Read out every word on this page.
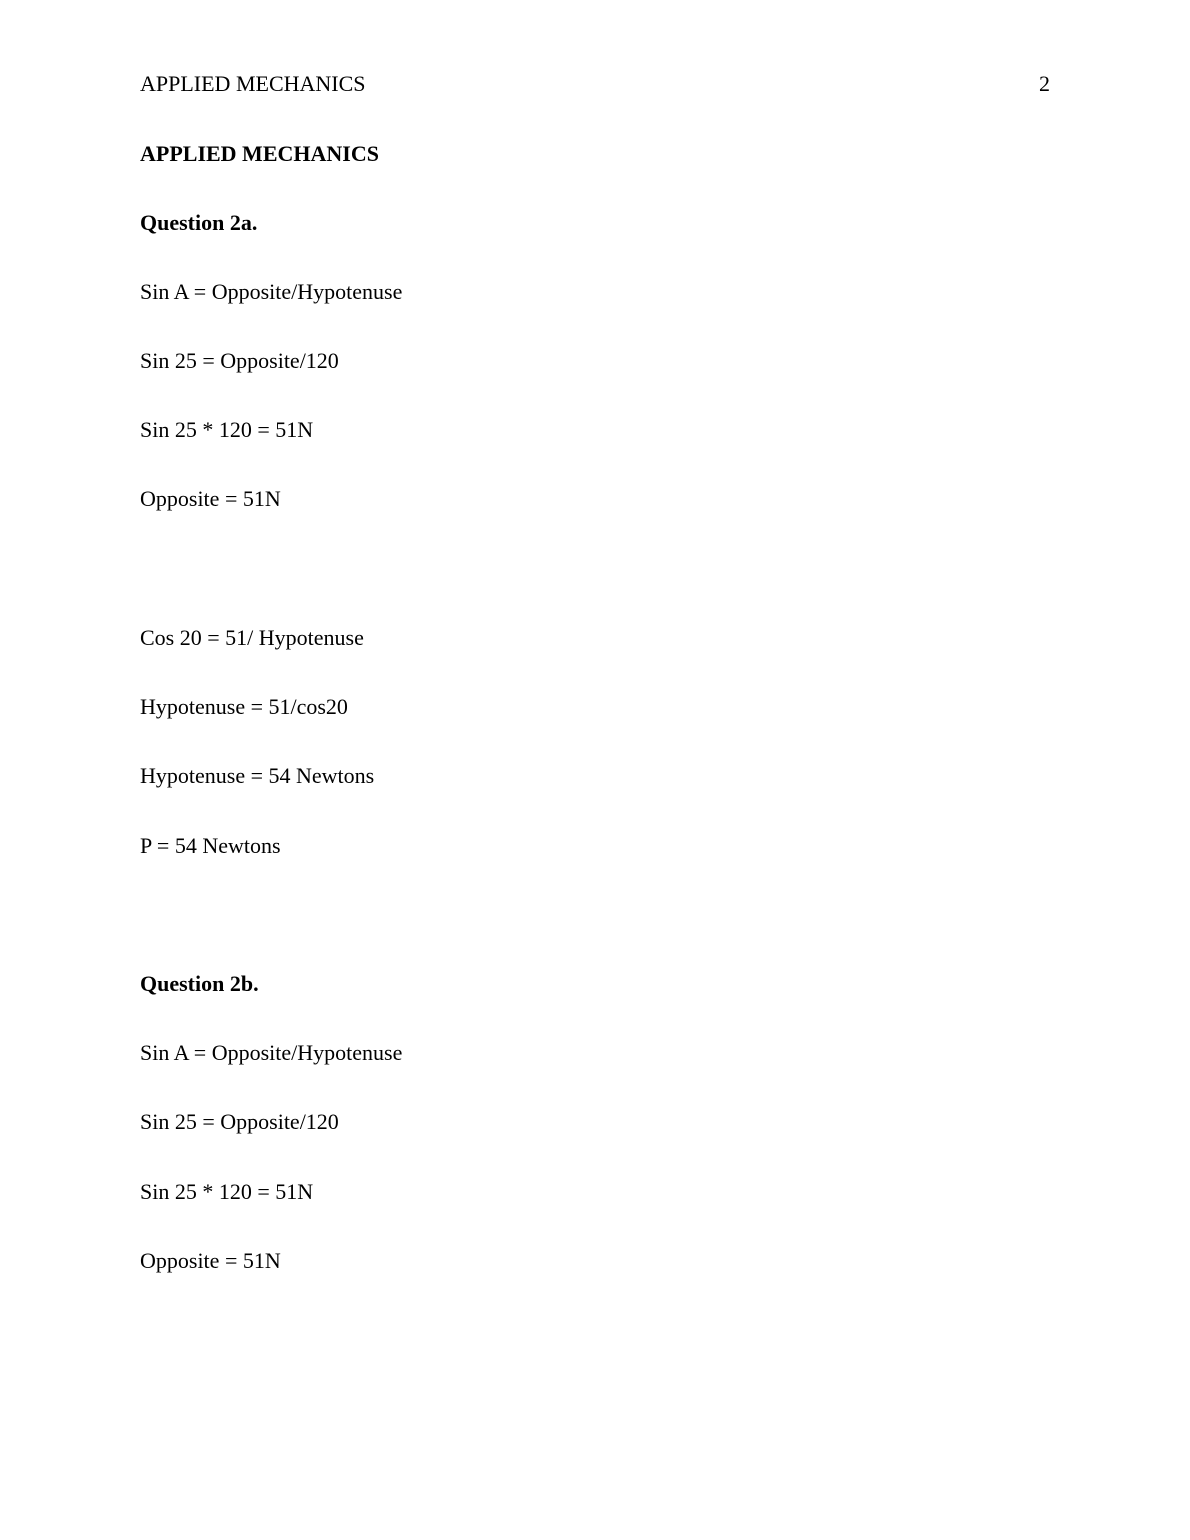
APPLIED MECHANICS	2
APPLIED MECHANICS
Question 2a.
Sin A = Opposite/Hypotenuse
Sin 25 = Opposite/120
Sin 25 * 120 = 51N
Opposite = 51N
Cos 20 = 51/ Hypotenuse
Hypotenuse = 51/cos20
Hypotenuse = 54 Newtons
P = 54 Newtons
Question 2b.
Sin A = Opposite/Hypotenuse
Sin 25 = Opposite/120
Sin 25 * 120 = 51N
Opposite = 51N
